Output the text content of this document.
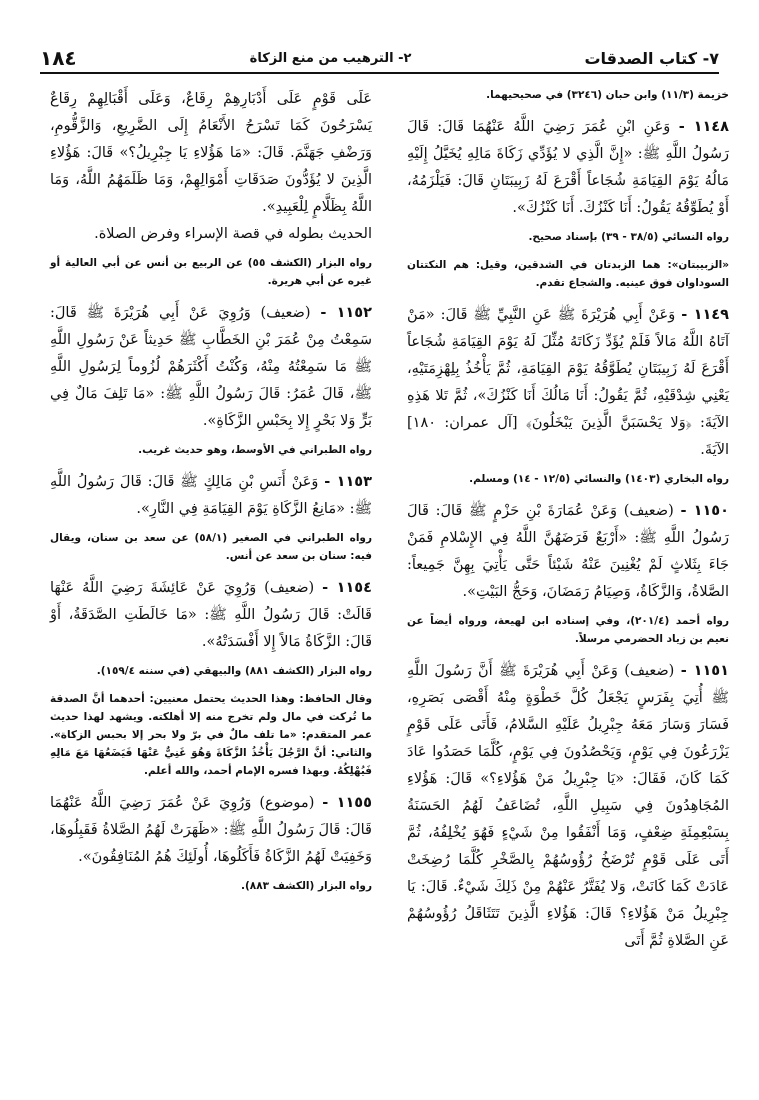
٧- كتاب الصدقات
٢- الترهيب من منع الزكاة
١٨٤

خزيمة (١١/٣) وابن حبان (٣٢٤٦) في صحيحيهما.

١١٤٨ - وَعَنِ ابْنِ عُمَرَ رَضِيَ اللَّهُ عَنْهُمَا قَالَ: قَالَ رَسُولُ اللَّهِ ﷺ: «إِنَّ الَّذِي لا يُؤَدِّي زَكَاةَ مَالِهِ يُخَيَّلُ إِلَيْهِ مَالُهُ يَوْمَ القِيَامَةِ شُجَاعاً أَقْرَعَ لَهُ زَبِيبَتَانِ قَالَ: فَيَلْزَمُهُ، أَوْ يُطَوِّقُهُ يَقُولُ: أَنَا كَنْزُكَ. أَنَا كَنْزُكَ».

رواه النسائي (٣٨/٥ - ٣٩) بإسناد صحيح.

«الزبيبتان»: هما الزبدتان في الشدقين، وقيل: هم النكتتان السوداوان فوق عينيه. والشجاع تقدم.

١١٤٩ - وَعَنْ أَبِي هُرَيْرَةَ ﷺ عَنِ النَّبِيِّ ﷺ قَالَ: «مَنْ آتَاهُ اللَّهُ مَالاً فَلَمْ يُؤَدِّ زَكَاتَهُ مُثِّلَ لَهُ يَوْمَ القِيَامَةِ شُجَاعاً أَقْرَعَ لَهُ زَبِيبَتَانِ يُطَوَّقُهُ يَوْمَ القِيَامَةِ، ثُمَّ يَأْخُذُ بِلِهْزِمَتَيْهِ، يَعْنِي شِدْقَيْهِ، ثُمَّ يَقُولُ: أَنَا مَالُكَ أَنَا كَنْزُكَ»، ثُمَّ تَلا هَذِهِ الآيَةَ: ﴿وَلا يَحْسَبَنَّ الَّذِينَ يَبْخَلُونَ﴾ [آل عمران: ١٨٠] الآيَةَ.

رواه البخاري (١٤٠٣) والنسائي (١٢/٥ - ١٤) ومسلم.

١١٥٠ - (ضعيف) وَعَنْ عُمَارَةَ بْنِ حَزْمٍ ﷺ قَالَ: قَالَ رَسُولُ اللَّهِ ﷺ: «أَرْبَعٌ فَرَضَهُنَّ اللَّهُ فِي الإِسْلامِ فَمَنْ جَاءَ بِثَلاثٍ لَمْ يُغْنِينَ عَنْهُ شَيْئاً حَتَّى يَأْتِيَ بِهِنَّ جَمِيعاً: الصَّلاةُ، وَالزَّكَاةُ، وَصِيَامُ رَمَضَانَ، وَحَجُّ البَيْتِ».

رواه أحمد (٢٠١/٤)، وفي إسناده ابن لهيعة، ورواه أيضاً عن نعيم بن زياد الحضرمي مرسلاً.

١١٥١ - (ضعيف) وَعَنْ أَبِي هُرَيْرَةَ ﷺ أَنَّ رَسُولَ اللَّهِ ﷺ أُتِيَ بِفَرَسٍ يَجْعَلُ كُلَّ خَطْوَةٍ مِنْهُ أَقْصَى بَصَرِهِ، فَسَارَ وَسَارَ مَعَهُ جِبْرِيلُ عَلَيْهِ السَّلامُ، فَأَتَى عَلَى قَوْمٍ يَزْرَعُونَ فِي يَوْمٍ، وَيَحْصُدُونَ فِي يَوْمٍ، كُلَّمَا حَصَدُوا عَادَ كَمَا كَانَ، فَقَالَ: «يَا جِبْرِيلُ مَنْ هَؤُلاءِ؟» قَالَ: هَؤُلاءِ المُجَاهِدُونَ فِي سَبِيلِ اللَّهِ، تُضَاعَفُ لَهُمُ الحَسَنَةُ بِسَبْعِمِئَةِ ضِعْفٍ، وَمَا أَنْفَقُوا مِنْ شَيْءٍ فَهُوَ يُخْلِفُهُ، ثُمَّ أَتَى عَلَى قَوْمٍ تُرْضَخُ رُؤُوسُهُمْ بِالصَّخْرِ كُلَّمَا رُضِخَتْ عَادَتْ كَمَا كَانَتْ، وَلا يُفَتَّرُ عَنْهُمْ مِنْ ذَلِكَ شَيْءٌ. قَالَ: يَا جِبْرِيلُ مَنْ هَؤُلاءِ؟ قَالَ: هَؤُلاءِ الَّذِينَ تَتَثَاقَلُ رُؤُوسُهُمْ عَنِ الصَّلاةِ ثُمَّ أَتَى

عَلَى قَوْمٍ عَلَى أَدْبَارِهِمْ رِقَاعٌ، وَعَلَى أَقْبَالِهِمْ رِقَاعٌ يَسْرَحُونَ كَمَا تَسْرَحُ الأَنْعَامُ إِلَى الضَّرِيعِ، وَالزَّقُّومِ، وَرَضْفِ جَهَنَّمَ. قَالَ: «مَا هَؤُلاءِ يَا جِبْرِيلُ؟» قَالَ: هَؤُلاءِ الَّذِينَ لا يُؤَدُّونَ صَدَقَاتِ أَمْوَالِهِمْ، وَمَا ظَلَمَهُمُ اللَّهُ، وَمَا اللَّهُ بِظَلَّامٍ لِلْعَبِيدِ».

الحديث بطوله في قصة الإسراء وفرض الصلاة.

رواه البزار (الكشف ٥٥) عن الربيع بن أنس عن أبي العالية أو غيره عن أبي هريرة.

١١٥٢ - (ضعيف) وَرُوِيَ عَنْ أَبِي هُرَيْرَةَ ﷺ قَالَ: سَمِعْتُ مِنْ عُمَرَ بْنِ الخَطَّابِ ﷺ حَدِيثاً عَنْ رَسُولِ اللَّهِ ﷺ مَا سَمِعْتُهُ مِنْهُ، وَكُنْتُ أَكْثَرَهُمْ لُزُوماً لِرَسُولِ اللَّهِ ﷺ، قَالَ عُمَرُ: قَالَ رَسُولُ اللَّهِ ﷺ: «مَا تَلِفَ مَالٌ فِي بَرٍّ وَلا بَحْرٍ إِلا بِحَبْسِ الزَّكَاةِ».

رواه الطبراني في الأوسط، وهو حديث غريب.

١١٥٣ - وَعَنْ أَنَسِ بْنِ مَالِكٍ ﷺ قَالَ: قَالَ رَسُولُ اللَّهِ ﷺ: «مَانِعُ الزَّكَاةِ يَوْمَ القِيَامَةِ فِي النَّارِ».

رواه الطبراني في الصغير (٥٨/١) عن سعد بن سنان، ويقال فيه: سنان بن سعد عن أنس.

١١٥٤ - (ضعيف) وَرُوِيَ عَنْ عَائِشَةَ رَضِيَ اللَّهُ عَنْهَا قَالَتْ: قَالَ رَسُولُ اللَّهِ ﷺ: «مَا خَالَطَتِ الصَّدَقَةُ، أَوْ قَالَ: الزَّكَاةُ مَالاً إِلا أَفْسَدَتْهُ».

رواه البزار (الكشف ٨٨١) والبيهقي (في سننه ١٥٩/٤).

وقال الحافظ: وهذا الحديث يحتمل معنيين: أحدهما أنَّ الصدقة ما تُركت في مال ولم تخرج منه إلا أهلكته. ويشهد لهذا حديث عمر المتقدم: «ما تلف مالٌ في برّ ولا بحر إلا بحبس الزكاة». والثاني: أنَّ الرَّجُلَ يَأْخُذُ الزَّكَاةَ وَهُوَ غَنِيٌّ عَنْهَا فَيَضَعُهَا مَعَ مَالِهِ فَيُهْلِكُهُ. وبهذا فسره الإمام أحمد، والله أعلم.

١١٥٥ - (موضوع) وَرُوِيَ عَنْ عُمَرَ رَضِيَ اللَّهُ عَنْهُمَا قَالَ: قَالَ رَسُولُ اللَّهِ ﷺ: «ظَهَرَتْ لَهُمُ الصَّلاةُ فَقَبِلُوهَا، وَخَفِيَتْ لَهُمُ الزَّكَاةُ فَأَكَلُوهَا، أُولَئِكَ هُمُ المُنَافِقُونَ».

رواه البزار (الكشف ٨٨٣).
